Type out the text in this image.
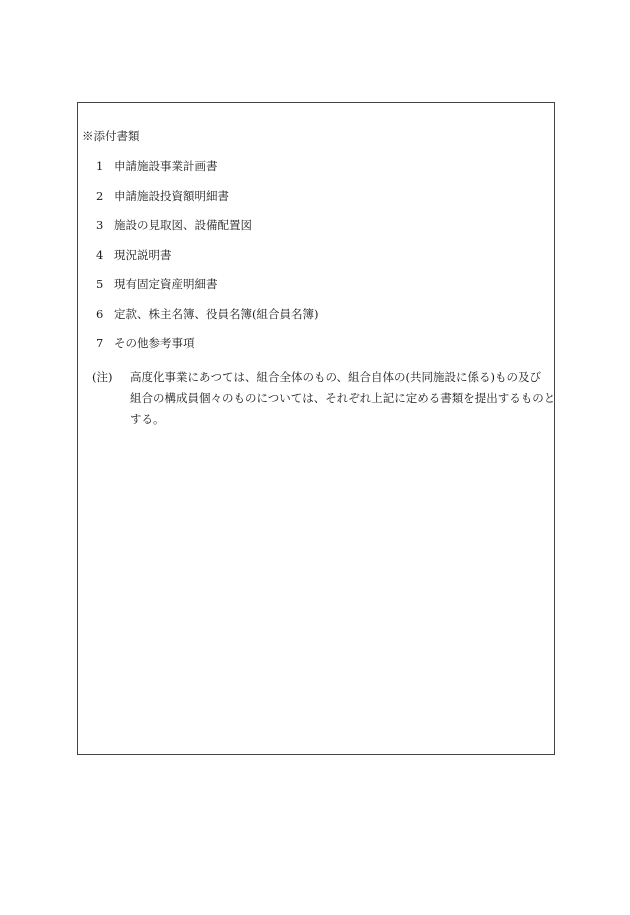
※添付書類
1 申請施設事業計画書
2 申請施設投資額明細書
3 施設の見取図、設備配置図
4 現況説明書
5 現有固定資産明細書
6 定款、株主名簿、役員名簿(組合員名簿)
7 その他参考事項
(注) 高度化事業にあつては、組合全体のもの、組合自体の(共同施設に係る)もの及び
組合の構成員個々のものについては、それぞれ上記に定める書類を提出するものと
する。
